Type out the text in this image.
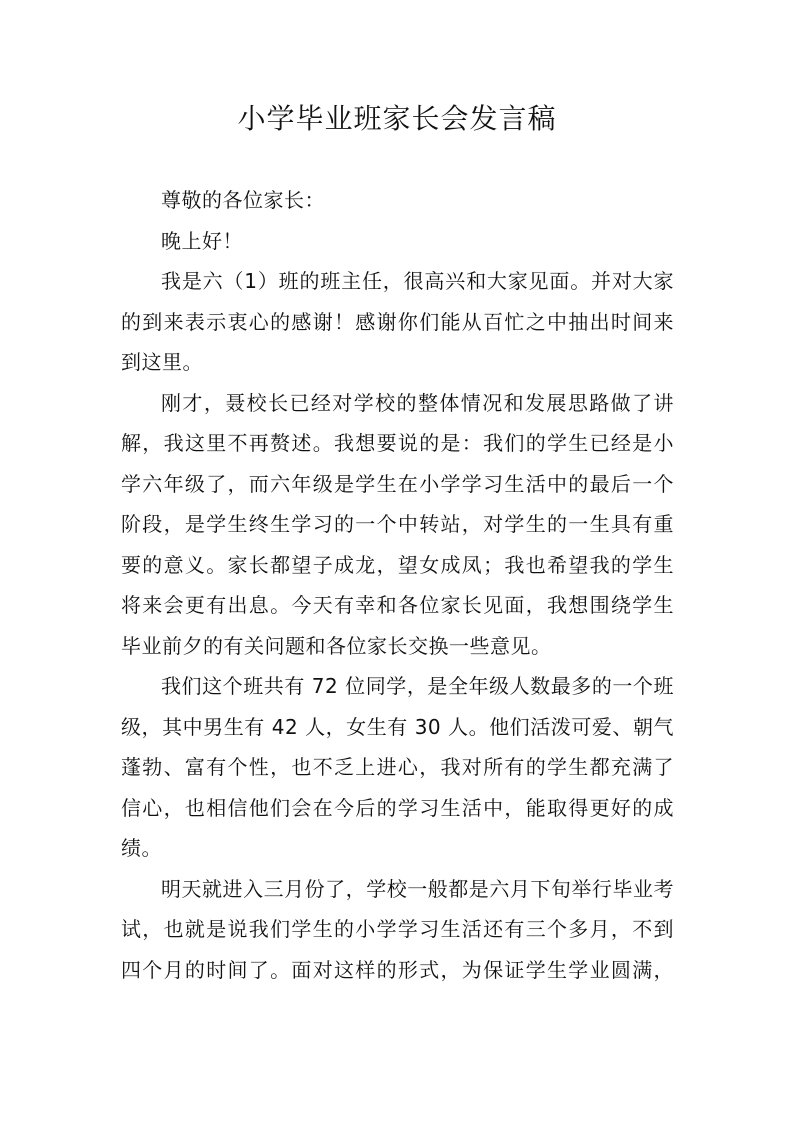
小学毕业班家长会发言稿

尊敬的各位家长：

晚上好！

我是六（1）班的班主任，很高兴和大家见面。并对大家的到来表示衷心的感谢！感谢你们能从百忙之中抽出时间来到这里。

刚才，聂校长已经对学校的整体情况和发展思路做了讲解，我这里不再赘述。我想要说的是：我们的学生已经是小学六年级了，而六年级是学生在小学学习生活中的最后一个阶段，是学生终生学习的一个中转站，对学生的一生具有重要的意义。家长都望子成龙，望女成凤；我也希望我的学生将来会更有出息。今天有幸和各位家长见面，我想围绕学生毕业前夕的有关问题和各位家长交换一些意见。

我们这个班共有 72 位同学，是全年级人数最多的一个班级，其中男生有 42 人，女生有 30 人。他们活泼可爱、朝气蓬勃、富有个性，也不乏上进心，我对所有的学生都充满了信心，也相信他们会在今后的学习生活中，能取得更好的成绩。

明天就进入三月份了，学校一般都是六月下旬举行毕业考试，也就是说我们学生的小学学习生活还有三个多月，不到四个月的时间了。面对这样的形式，为保证学生学业圆满，
